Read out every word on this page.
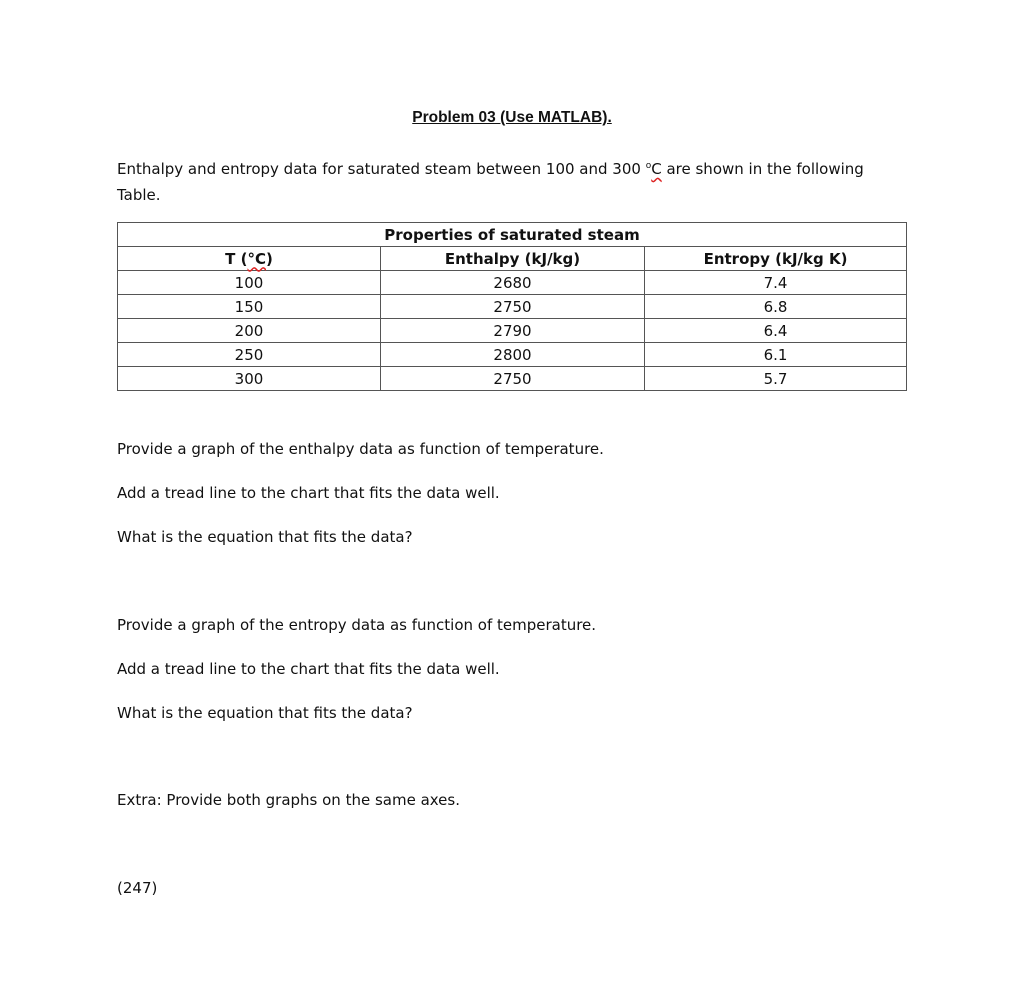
Problem 03 (Use MATLAB).
Enthalpy and entropy data for saturated steam between 100 and 300 $^o$C are shown in the following Table.
Properties of saturated steam		
T (°C)	Enthalpy (kJ/kg)	Entropy (kJ/kg K)
100	2680	7.4
150	2750	6.8
200	2790	6.4
250	2800	6.1
300	2750	5.7
Provide a graph of the enthalpy data as function of temperature.
Add a tread line to the chart that fits the data well.
What is the equation that fits the data?
Provide a graph of the entropy data as function of temperature.
Add a tread line to the chart that fits the data well.
What is the equation that fits the data?
Extra: Provide both graphs on the same axes.
(247)
